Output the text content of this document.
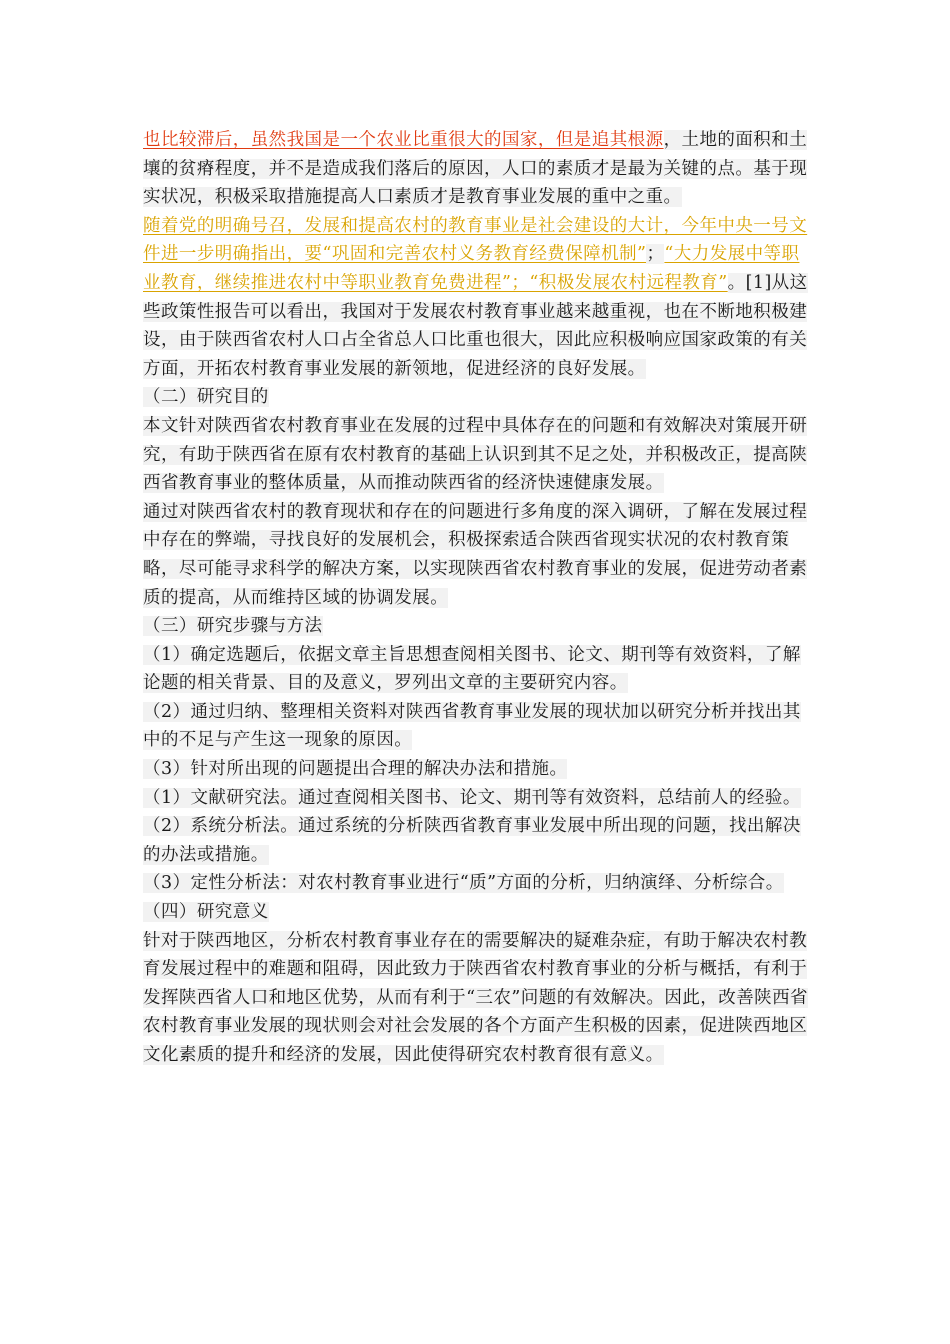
也比较滞后，虽然我国是一个农业比重很大的国家，但是追其根源，土地的面积和土壤的贫瘠程度，并不是造成我们落后的原因，人口的素质才是最为关键的点。基于现实状况，积极采取措施提高人口素质才是教育事业发展的重中之重。

随着党的明确号召，发展和提高农村的教育事业是社会建设的大计，今年中央一号文件进一步明确指出，要“巩固和完善农村义务教育经费保障机制”；“大力发展中等职业教育，继续推进农村中等职业教育免费进程”；“积极发展农村远程教育”。[1]从这些政策性报告可以看出，我国对于发展农村教育事业越来越重视，也在不断地积极建设，由于陕西省农村人口占全省总人口比重也很大，因此应积极响应国家政策的有关方面，开拓农村教育事业发展的新领地，促进经济的良好发展。

（二）研究目的

本文针对陕西省农村教育事业在发展的过程中具体存在的问题和有效解决对策展开研究，有助于陕西省在原有农村教育的基础上认识到其不足之处，并积极改正，提高陕西省教育事业的整体质量，从而推动陕西省的经济快速健康发展。

通过对陕西省农村的教育现状和存在的问题进行多角度的深入调研，了解在发展过程中存在的弊端，寻找良好的发展机会，积极探索适合陕西省现实状况的农村教育策略，尽可能寻求科学的解决方案，以实现陕西省农村教育事业的发展，促进劳动者素质的提高，从而维持区域的协调发展。

（三）研究步骤与方法

（1）确定选题后，依据文章主旨思想查阅相关图书、论文、期刊等有效资料，了解论题的相关背景、目的及意义，罗列出文章的主要研究内容。

（2）通过归纳、整理相关资料对陕西省教育事业发展的现状加以研究分析并找出其中的不足与产生这一现象的原因。

（3）针对所出现的问题提出合理的解决办法和措施。

（1）文献研究法。通过查阅相关图书、论文、期刊等有效资料，总结前人的经验。

（2）系统分析法。通过系统的分析陕西省教育事业发展中所出现的问题，找出解决的办法或措施。

（3）定性分析法：对农村教育事业进行“质”方面的分析，归纳演绎、分析综合。

（四）研究意义

针对于陕西地区，分析农村教育事业存在的需要解决的疑难杂症，有助于解决农村教育发展过程中的难题和阻碍，因此致力于陕西省农村教育事业的分析与概括，有利于发挥陕西省人口和地区优势，从而有利于“三农”问题的有效解决。因此，改善陕西省农村教育事业发展的现状则会对社会发展的各个方面产生积极的因素，促进陕西地区文化素质的提升和经济的发展，因此使得研究农村教育很有意义。
